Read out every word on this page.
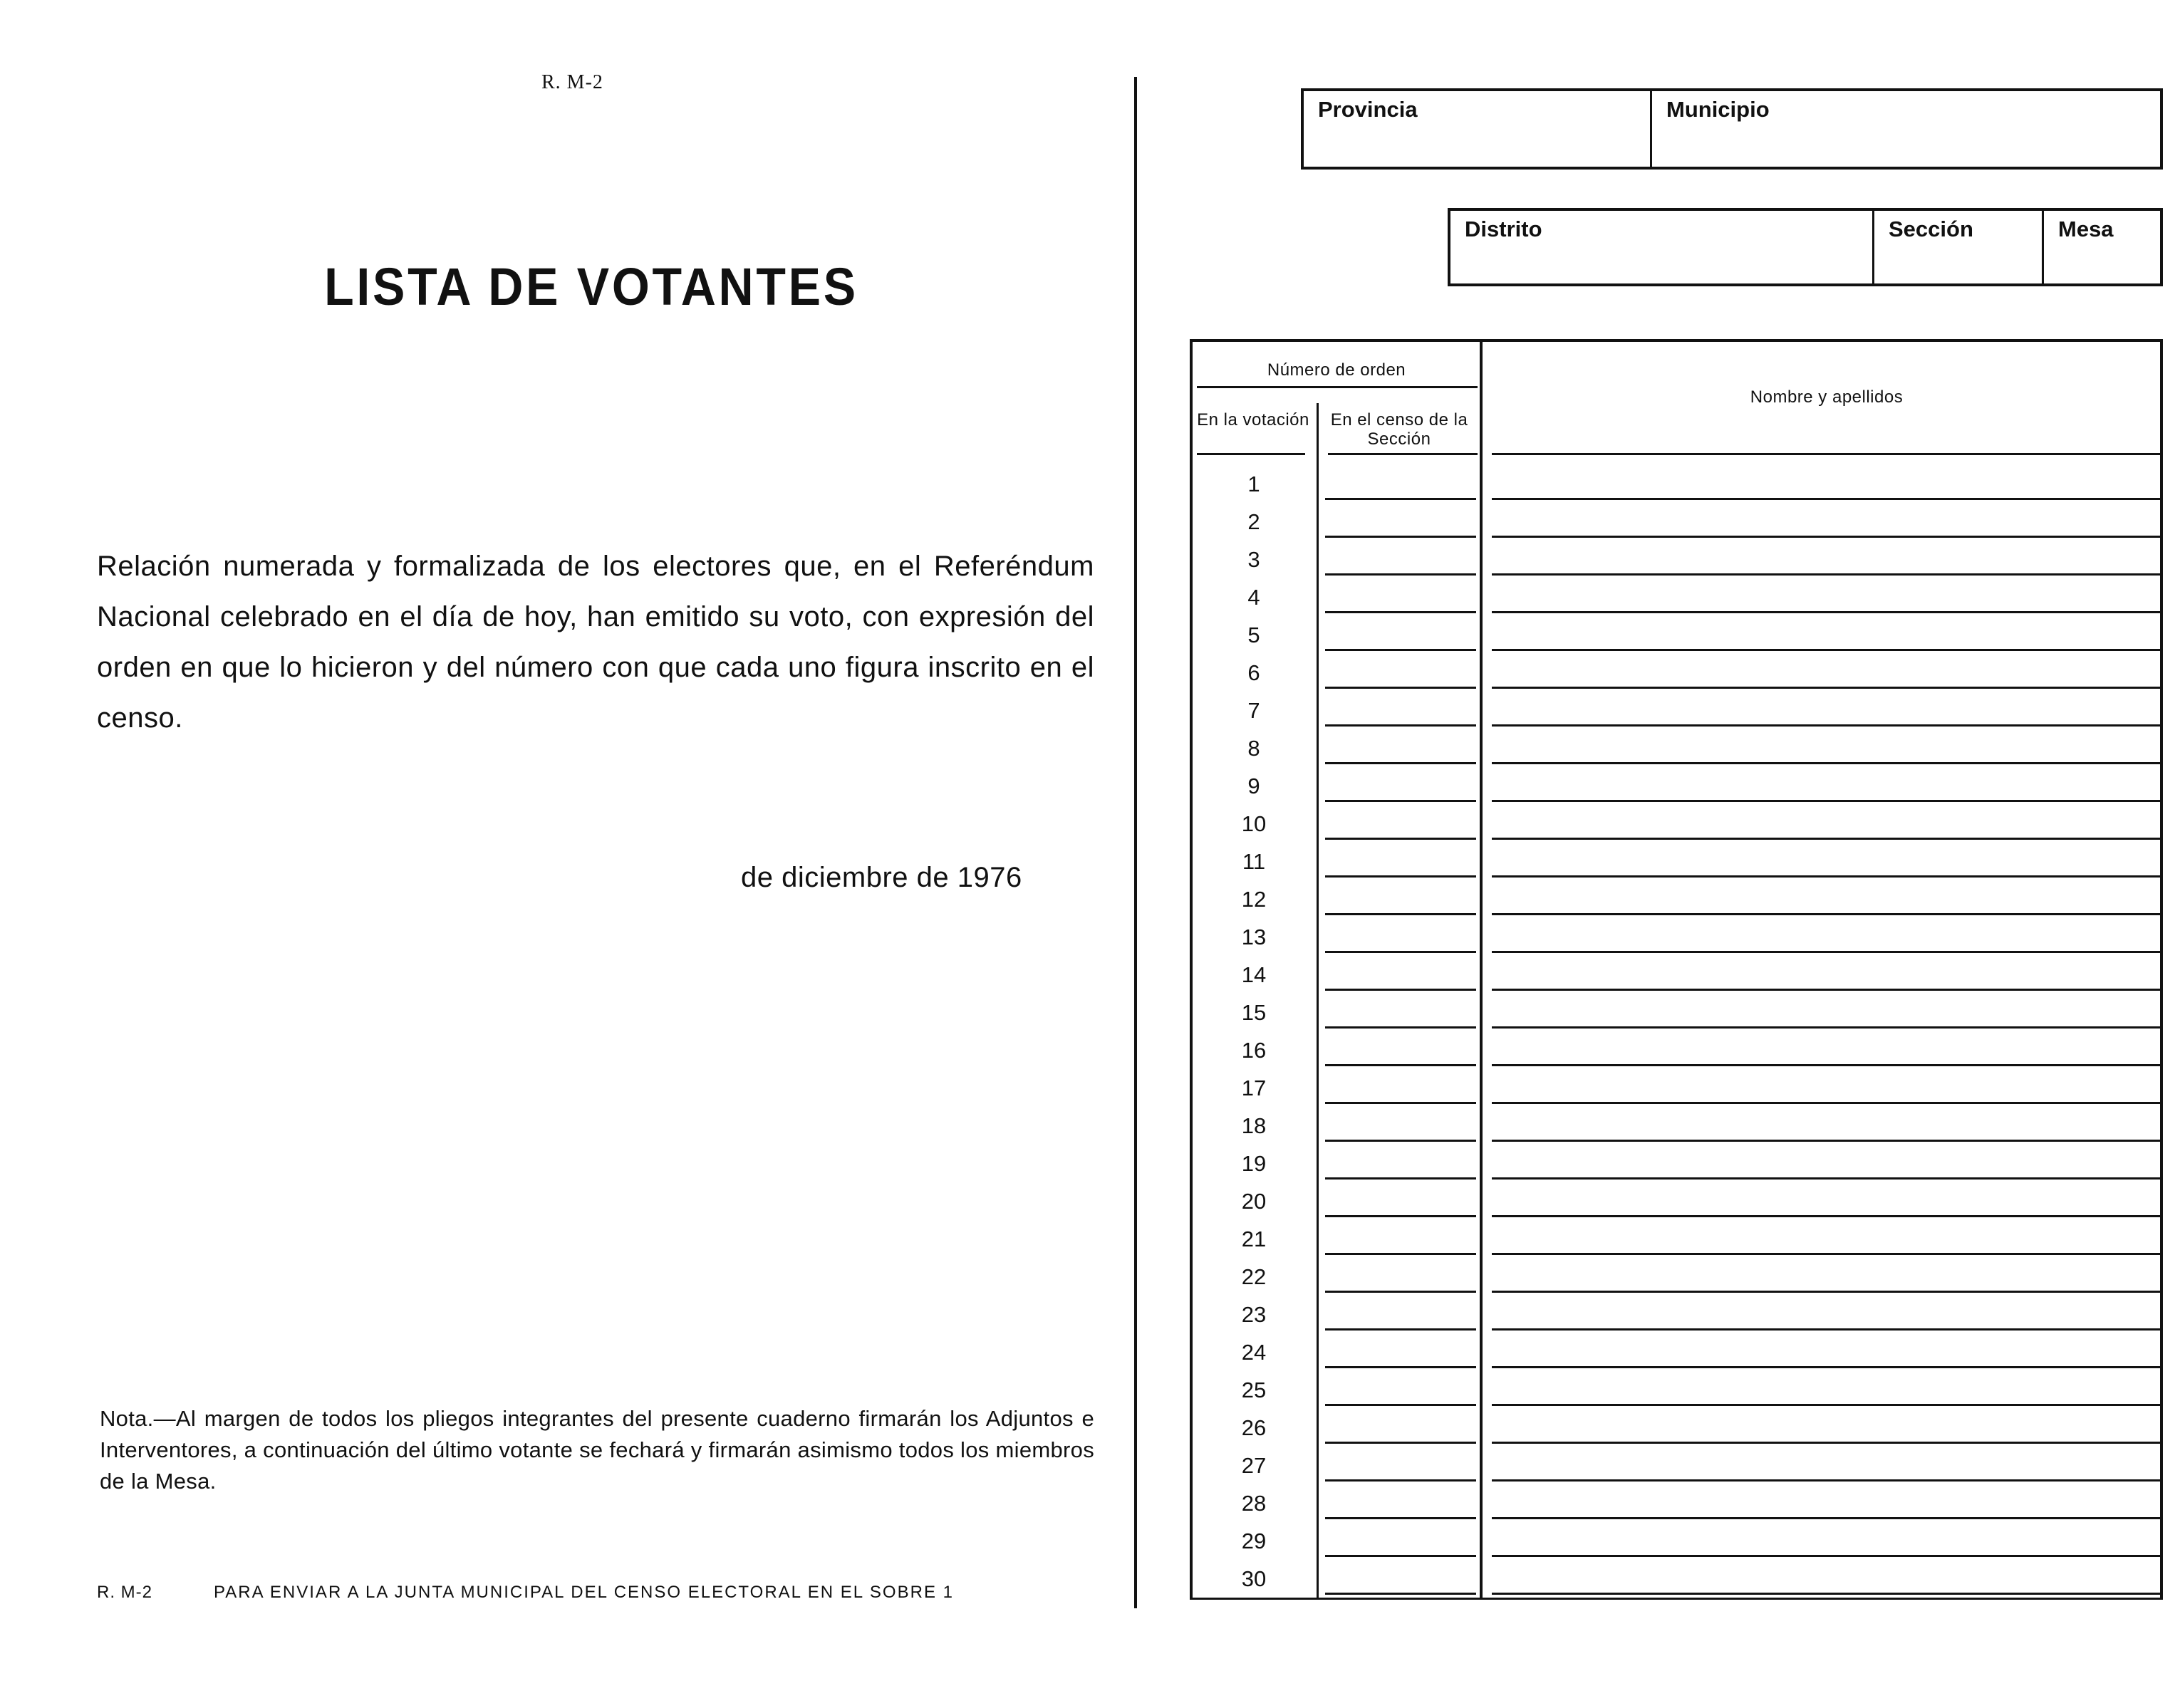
R. M-2
LISTA DE VOTANTES
Relación numerada y formalizada de los electores que, en el Referéndum Nacional celebrado en el día de hoy, han emitido su voto, con expresión del orden en que lo hicieron y del número con que cada uno figura inscrito en el censo.
de diciembre de 1976
Nota.—Al margen de todos los pliegos integrantes del presente cuaderno firmarán los Adjuntos e Interventores, a continuación del último votante se fechará y firmarán asimismo todos los miembros de la Mesa.
R. M-2	PARA ENVIAR A LA JUNTA MUNICIPAL DEL CENSO ELECTORAL EN EL SOBRE 1
Provincia	Municipio
Distrito	Sección	Mesa
Número de orden
En la votación	En el censo de la Sección
Nombre y apellidos
1
2
3
4
5
6
7
8
9
10
11
12
13
14
15
16
17
18
19
20
21
22
23
24
25
26
27
28
29
30
